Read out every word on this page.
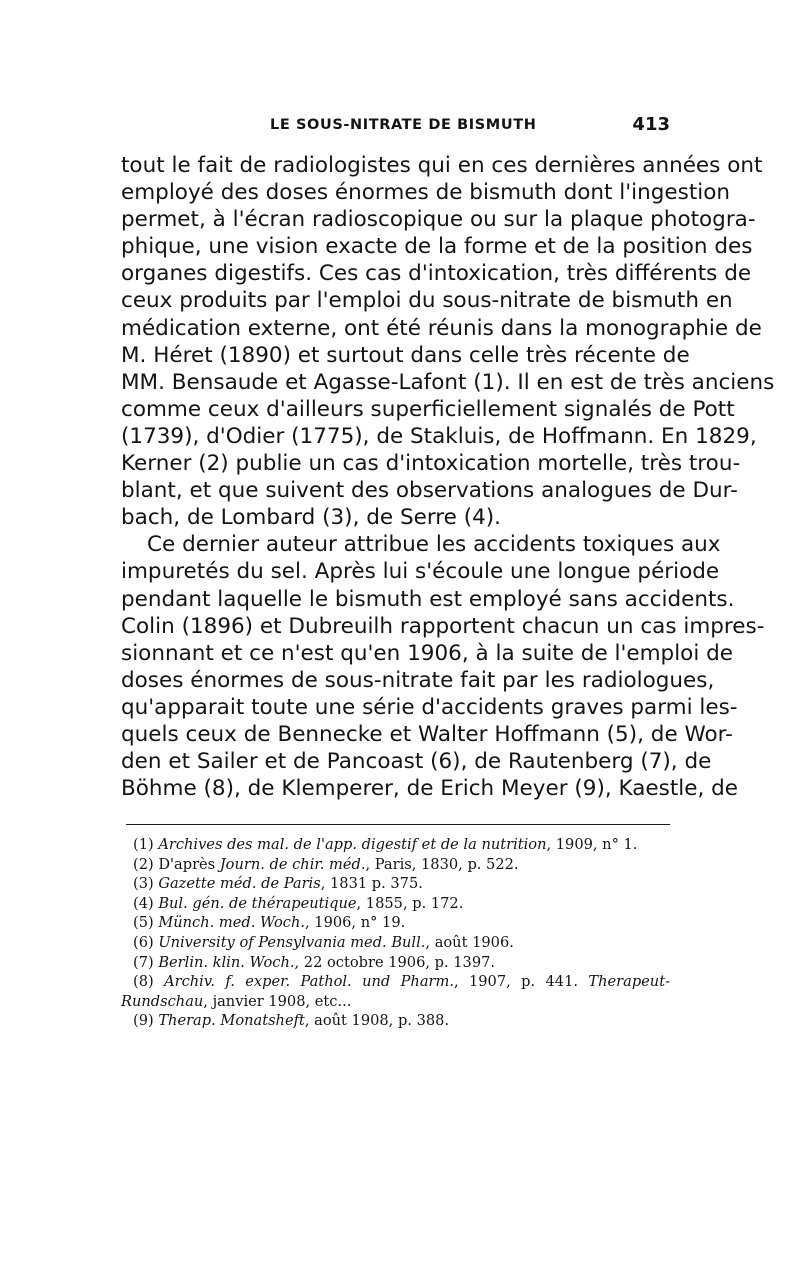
LE SOUS-NITRATE DE BISMUTH	413
tout le fait de radiologistes qui en ces dernières années ont
employé des doses énormes de bismuth dont l'ingestion
permet, à l'écran radioscopique ou sur la plaque photogra-
phique, une vision exacte de la forme et de la position des
organes digestifs. Ces cas d'intoxication, très différents de
ceux produits par l'emploi du sous-nitrate de bismuth en
médication externe, ont été réunis dans la monographie de
M. Héret (1890) et surtout dans celle très récente de
MM. Bensaude et Agasse-Lafont (1). Il en est de très anciens
comme ceux d'ailleurs superficiellement signalés de Pott
(1739), d'Odier (1775), de Stakluis, de Hoffmann. En 1829,
Kerner (2) publie un cas d'intoxication mortelle, très trou-
blant, et que suivent des observations analogues de Dur-
bach, de Lombard (3), de Serre (4).
Ce dernier auteur attribue les accidents toxiques aux
impuretés du sel. Après lui s'écoule une longue période
pendant laquelle le bismuth est employé sans accidents.
Colin (1896) et Dubreuilh rapportent chacun un cas impres-
sionnant et ce n'est qu'en 1906, à la suite de l'emploi de
doses énormes de sous-nitrate fait par les radiologues,
qu'apparait toute une série d'accidents graves parmi les-
quels ceux de Bennecke et Walter Hoffmann (5), de Wor-
den et Sailer et de Pancoast (6), de Rautenberg (7), de
Böhme (8), de Klemperer, de Erich Meyer (9), Kaestle, de
(1) Archives des mal. de l'app. digestif et de la nutrition, 1909, n° 1.
(2) D'après Journ. de chir. méd., Paris, 1830, p. 522.
(3) Gazette méd. de Paris, 1831 p. 375.
(4) Bul. gén. de thérapeutique, 1855, p. 172.
(5) Münch. med. Woch., 1906, n° 19.
(6) University of Pensylvania med. Bull., août 1906.
(7) Berlin. klin. Woch., 22 octobre 1906, p. 1397.
(8) Archiv. f. exper. Pathol. und Pharm., 1907, p. 441. Therapeut-
Rundschau, janvier 1908, etc...
(9) Therap. Monatsheft, août 1908, p. 388.
